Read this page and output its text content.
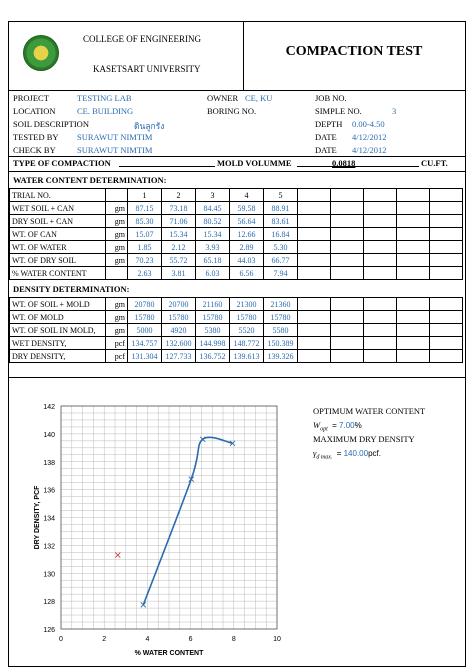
COLLEGE OF ENGINEERING
KASETSART UNIVERSITY
COMPACTION TEST
PROJECT	TESTING LAB	OWNER CE, KU	JOB NO.
LOCATION	CE. BUILDING	BORING NO.	SIMPLE NO.	3
SOIL DESCRIPTION	ดินลูกรัง	DEPTH 0.00-4.50
TESTED BY SURAWUT NIMTIM	DATE 4/12/2012
CHECK BY	SURAWUT NIMTIM	DATE 4/12/2012
TYPE OF COMPACTION	MOLD VOLUMME	0.0818	CU.FT.
WATER CONTENT DETERMINATION:
TRIAL NO.		1	2	3	4	5					
WET SOIL + CAN	gm	87.15	73.18	84.45	59.58	88.91					
DRY SOIL + CAN	gm	85.30	71.06	80.52	56.64	83.61					
WT. OF CAN	gm	15.07	15.34	15.34	12.66	16.84					
WT. OF WATER	gm	1.85	2.12	3.93	2.89	5.30					
WT. OF DRY SOIL	gm	70.23	55.72	65.18	44.03	66.77					
% WATER CONTENT		2.63	3.81	6.03	6.56	7.94					
DENSITY DETERMINATION:
WT. OF SOIL + MOLD	gm	20780	20700	21160	21300	21360					
WT. OF MOLD	gm	15780	15780	15780	15780	15780					
WT. OF SOIL IN MOLD,	gm	5000	4920	5380	5520	5580					
WET DENSITY,	pcf	134.757	132.600	144.998	148.772	150.389					
DRY DENSITY,	pcf	131.304	127.733	136.752	139.613	139.326					
0	2	4	6	8	10
126
128
130
132
134
136
138
140
142
% WATER CONTENT
DRY DENSITY, PCF
OPTIMUM WATER CONTENT
$W_{opt} = 7.00\%$
MAXIMUM DRY DENSITY
$\gamma_{d max.} = 140.00pcf$.
